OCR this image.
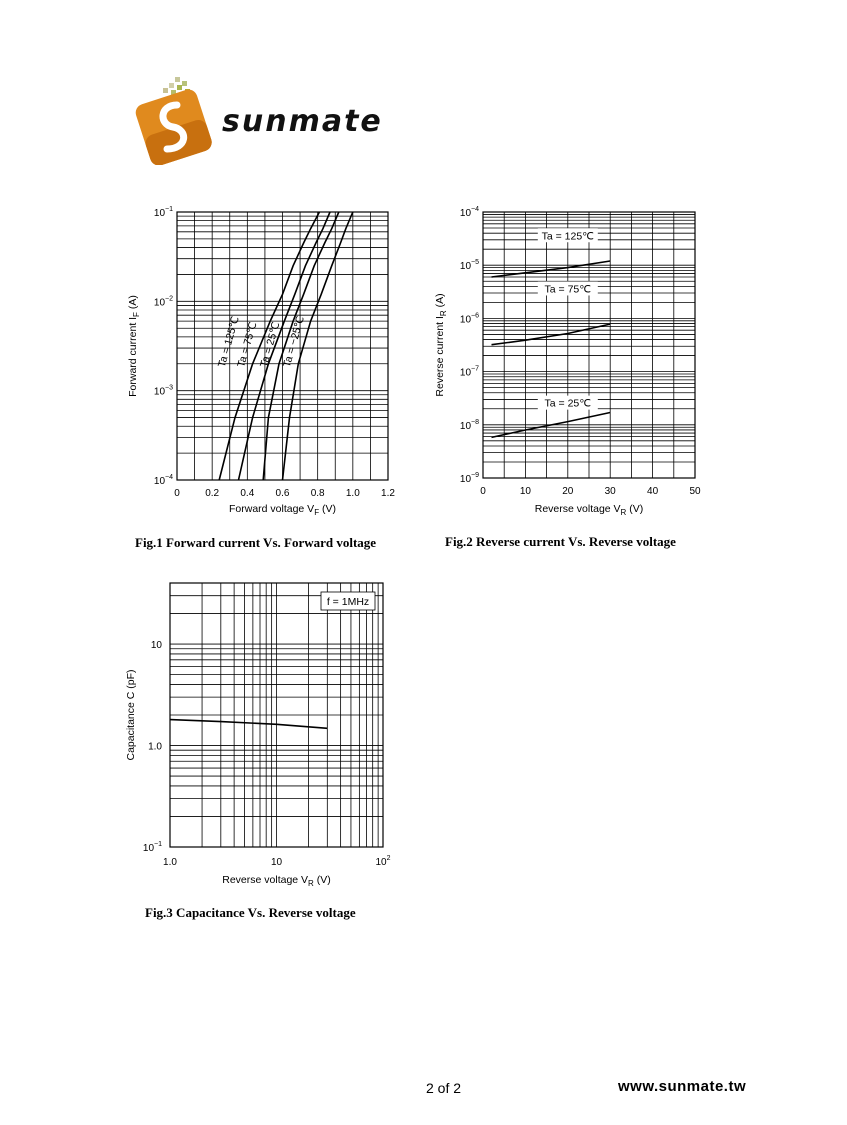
sunmate
0	0.2 0.4 0.6 0.8 1.0 1.2
$10^{-1}$
$10^{-2}$
$10^{-3}$
$10^{-4}$
Forward voltage $V_F$ (V)
Forward current $I_F$ (A)
Ta = 125℃
Ta = 75℃
Ta = 25℃
Ta = −25℃
Fig.1 Forward current Vs. Forward voltage
0	10	20	30	40	50
$10^{-4}$
$10^{-5}$
$10^{-6}$
$10^{-7}$
$10^{-8}$
$10^{-9}$
Reverse voltage $V_R$ (V)
Reverse current $I_R$ (A)
Ta = 125℃
Ta = 75℃
Ta = 25℃
Fig.2 Reverse current Vs. Reverse voltage
1.0	10	$10^2$
10
1.0
$10^{-1}$
Reverse voltage $V_R$ (V)
Capacitance C (pF)
f = 1MHz
Fig.3 Capacitance Vs. Reverse voltage
2 of 2	www.sunmate.tw
